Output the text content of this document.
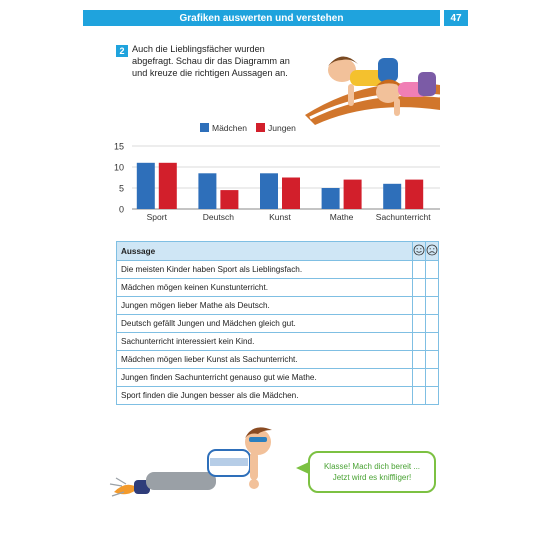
Grafiken auswerten und verstehen	47
2 Auch die Lieblingsfächer wurden
abgefragt. Schau dir das Diagramm an
und kreuze die richtigen Aussagen an.
0
5
10
15
Mädchen Jungen
Sport	Deutsch	Kunst	Mathe	Sachunterricht
Aussage		
Die meisten Kinder haben Sport als Lieblingsfach.		
Mädchen mögen keinen Kunstunterricht.		
Jungen mögen lieber Mathe als Deutsch.		
Deutsch gefällt Jungen und Mädchen gleich gut.		
Sachunterricht interessiert kein Kind.		
Mädchen mögen lieber Kunst als Sachunterricht.		
Jungen finden Sachunterricht genauso gut wie Mathe.		
Sport finden die Jungen besser als die Mädchen.		
Klasse! Mach dich bereit ...
Jetzt wird es kniffliger!
